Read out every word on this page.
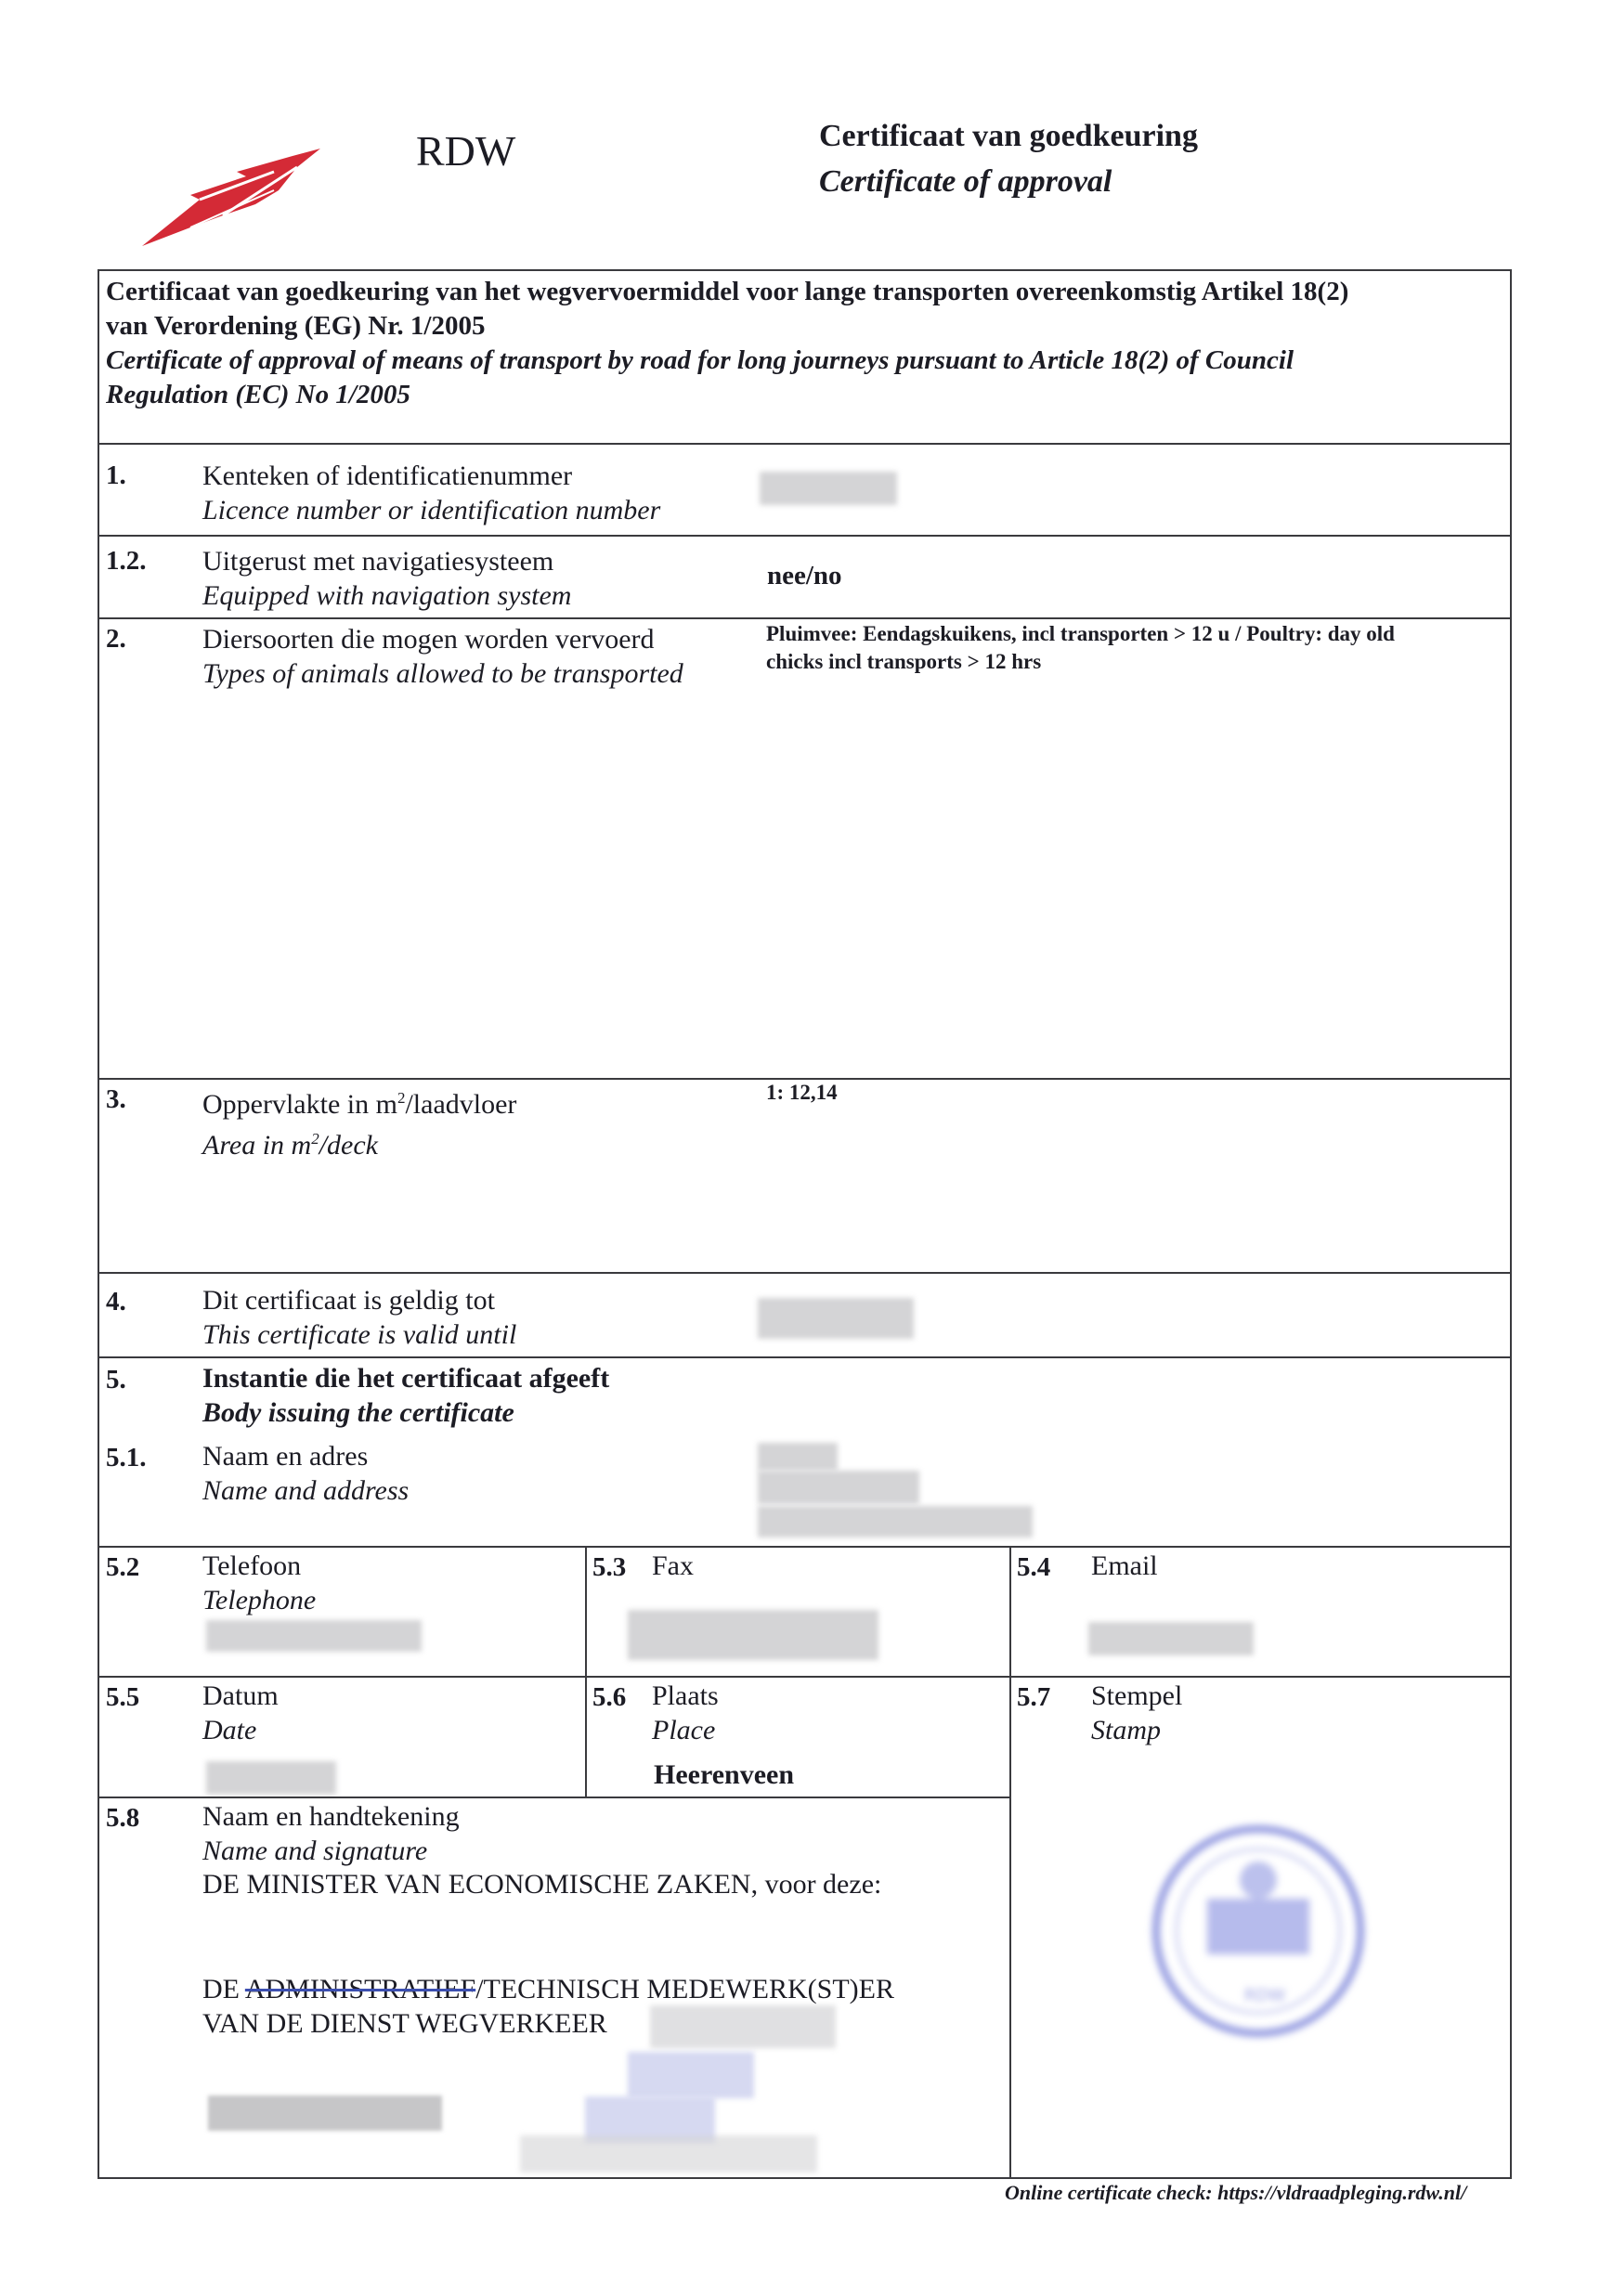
RDW	Certificaat van goedkeuring
Certificate of approval
Certificaat van goedkeuring van het wegvervoermiddel voor lange transporten overeenkomstig Artikel 18(2)
van Verordening (EG) Nr. 1/2005
Certificate of approval of means of transport by road for long journeys pursuant to Article 18(2) of Council
Regulation (EC) No 1/2005
1.	Kenteken of identificatienummer
Licence number or identification number
1.2. Uitgerust met navigatiesysteem
Equipped with navigation system
nee/no
2.	Diersoorten die mogen worden vervoerd
Types of animals allowed to be transported
Pluimvee: Eendagskuikens, incl transporten > 12 u / Poultry: day old
chicks incl transports > 12 hrs
3.	Oppervlakte in $m^2$/laadvloer
Area in $m^2$/deck
1: 12,14
4.	Dit certificaat is geldig tot
This certificate is valid until
5.	Instantie die het certificaat afgeeft
Body issuing the certificate
5.1. Naam en adres
Name and address
5.2 Telefoon
Telephone
5.3 Fax	5.4 Email
5.5 Datum
Date
5.6 Plaats
Place
Heerenveen
5.7 Stempel
Stamp
5.8 Naam en handtekening
Name and signature
DE MINISTER VAN ECONOMISCHE ZAKEN, voor deze:
DE ADMINISTRATIEF/TECHNISCH MEDEWERK(ST)ER
VAN DE DIENST WEGVERKEER
RDW
Online certificate check: https://vldraadpleging.rdw.nl/
